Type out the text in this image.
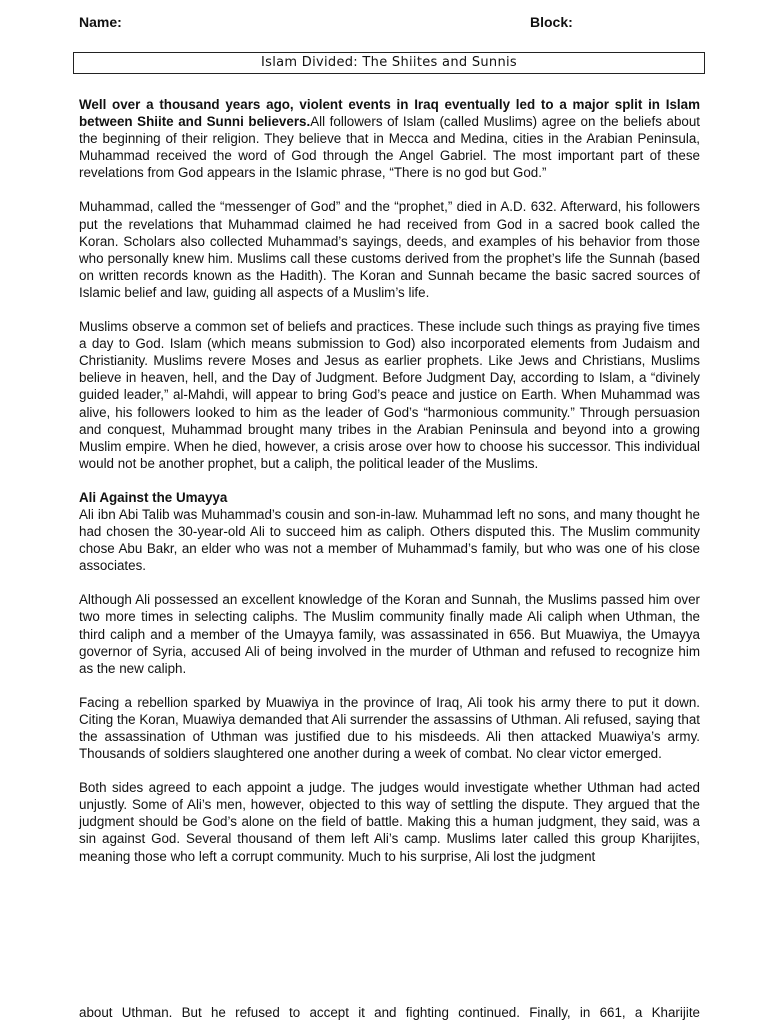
Name:	Block:
Islam Divided: The Shiites and Sunnis

Well over a thousand years ago, violent events in Iraq eventually led to a major split in Islam between Shiite and Sunni believers.All followers of Islam (called Muslims) agree on the beliefs about the beginning of their religion. They believe that in Mecca and Medina, cities in the Arabian Peninsula, Muhammad received the word of God through the Angel Gabriel. The most important part of these revelations from God appears in the Islamic phrase, “There is no god but God.”

Muhammad, called the “messenger of God” and the “prophet,” died in A.D. 632. Afterward, his followers put the revelations that Muhammad claimed he had received from God in a sacred book called the Koran. Scholars also collected Muhammad’s sayings, deeds, and examples of his behavior from those who personally knew him. Muslims call these customs derived from the prophet’s life the Sunnah (based on written records known as the Hadith). The Koran and Sunnah became the basic sacred sources of Islamic belief and law, guiding all aspects of a Muslim’s life.

Muslims observe a common set of beliefs and practices. These include such things as praying five times a day to God. Islam (which means submission to God) also incorporated elements from Judaism and Christianity. Muslims revere Moses and Jesus as earlier prophets. Like Jews and Christians, Muslims believe in heaven, hell, and the Day of Judgment. Before Judgment Day, according to Islam, a “divinely guided leader,” al-Mahdi, will appear to bring God’s peace and justice on Earth. When Muhammad was alive, his followers looked to him as the leader of God’s “harmonious community.” Through persuasion and conquest, Muhammad brought many tribes in the Arabian Peninsula and beyond into a growing Muslim empire. When he died, however, a crisis arose over how to choose his successor. This individual would not be another prophet, but a caliph, the political leader of the Muslims.

Ali Against the Umayya

Ali ibn Abi Talib was Muhammad’s cousin and son-in-law. Muhammad left no sons, and many thought he had chosen the 30-year-old Ali to succeed him as caliph. Others disputed this. The Muslim community chose Abu Bakr, an elder who was not a member of Muhammad’s family, but who was one of his close associates.

Although Ali possessed an excellent knowledge of the Koran and Sunnah, the Muslims passed him over two more times in selecting caliphs. The Muslim community finally made Ali caliph when Uthman, the third caliph and a member of the Umayya family, was assassinated in 656. But Muawiya, the Umayya governor of Syria, accused Ali of being involved in the murder of Uthman and refused to recognize him as the new caliph.

Facing a rebellion sparked by Muawiya in the province of Iraq, Ali took his army there to put it down. Citing the Koran, Muawiya demanded that Ali surrender the assassins of Uthman. Ali refused, saying that the assassination of Uthman was justified due to his misdeeds. Ali then attacked Muawiya’s army. Thousands of soldiers slaughtered one another during a week of combat. No clear victor emerged.

Both sides agreed to each appoint a judge. The judges would investigate whether Uthman had acted unjustly. Some of Ali’s men, however, objected to this way of settling the dispute. They argued that the judgment should be God’s alone on the field of battle. Making this a human judgment, they said, was a sin against God. Several thousand of them left Ali’s camp. Muslims later called this group Kharijites, meaning those who left a corrupt community. Much to his surprise, Ali lost the judgment

about Uthman. But he refused to accept it and fighting continued. Finally, in 661, a Kharijite
